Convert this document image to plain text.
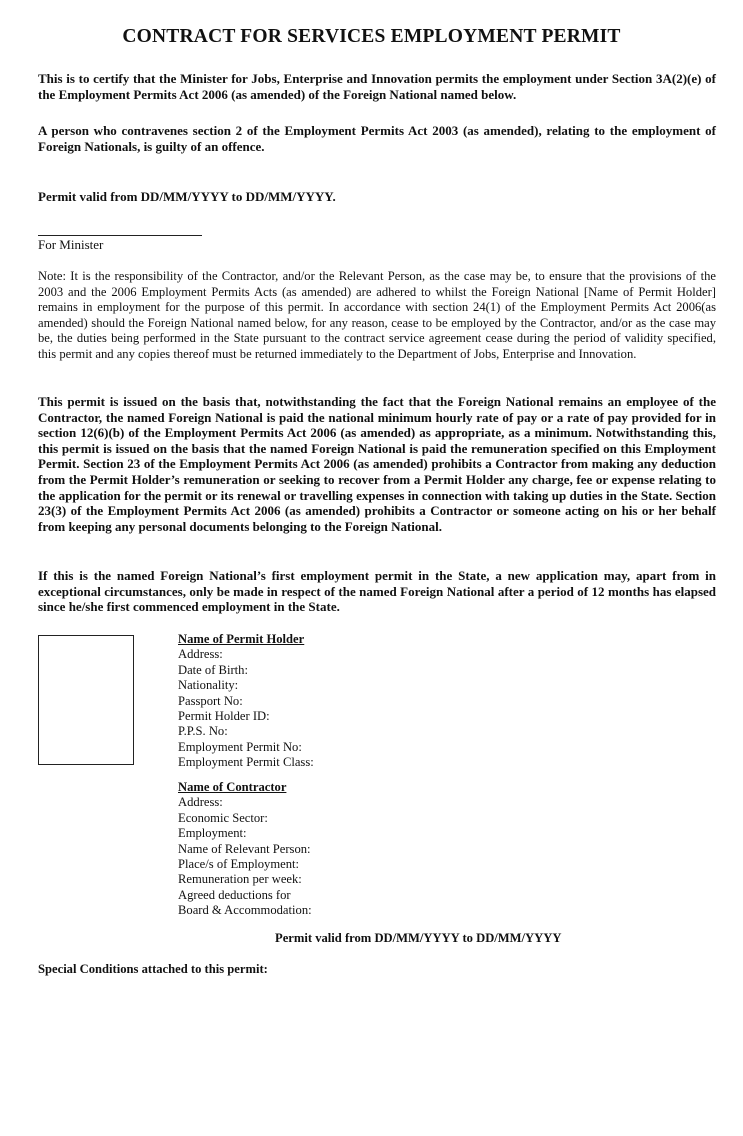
CONTRACT FOR SERVICES EMPLOYMENT PERMIT
This is to certify that the Minister for Jobs, Enterprise and Innovation permits the employment under Section 3A(2)(e) of the Employment Permits Act 2006 (as amended) of the Foreign National named below.
A person who contravenes section 2 of the Employment Permits Act 2003 (as amended), relating to the employment of Foreign Nationals, is guilty of an offence.
Permit valid from DD/MM/YYYY to DD/MM/YYYY.
For Minister
Note: It is the responsibility of the Contractor, and/or the Relevant Person, as the case may be, to ensure that the provisions of the 2003 and the 2006 Employment Permits Acts (as amended) are adhered to whilst the Foreign National [Name of Permit Holder] remains in employment for the purpose of this permit. In accordance with section 24(1) of the Employment Permits Act 2006(as amended) should the Foreign National named below, for any reason, cease to be employed by the Contractor, and/or as the case may be, the duties being performed in the State pursuant to the contract service agreement cease during the period of validity specified, this permit and any copies thereof must be returned immediately to the Department of Jobs, Enterprise and Innovation.
This permit is issued on the basis that, notwithstanding the fact that the Foreign National remains an employee of the Contractor, the named Foreign National is paid the national minimum hourly rate of pay or a rate of pay provided for in section 12(6)(b) of the Employment Permits Act 2006 (as amended) as appropriate, as a minimum. Notwithstanding this, this permit is issued on the basis that the named Foreign National is paid the remuneration specified on this Employment Permit. Section 23 of the Employment Permits Act 2006 (as amended) prohibits a Contractor from making any deduction from the Permit Holder’s remuneration or seeking to recover from a Permit Holder any charge, fee or expense relating to the application for the permit or its renewal or travelling expenses in connection with taking up duties in the State. Section 23(3) of the Employment Permits Act 2006 (as amended) prohibits a Contractor or someone acting on his or her behalf from keeping any personal documents belonging to the Foreign National.
If this is the named Foreign National’s first employment permit in the State, a new application may, apart from in exceptional circumstances, only be made in respect of the named Foreign National after a period of 12 months has elapsed since he/she first commenced employment in the State.
Name of Permit Holder
Address:
Date of Birth:
Nationality:
Passport No:
Permit Holder ID:
P.P.S. No:
Employment Permit No:
Employment Permit Class:
Name of Contractor
Address:
Economic Sector:
Employment:
Name of Relevant Person:
Place/s of Employment:
Remuneration per week:
Agreed deductions for
Board & Accommodation:
Permit valid from DD/MM/YYYY to DD/MM/YYYY
Special Conditions attached to this permit:
